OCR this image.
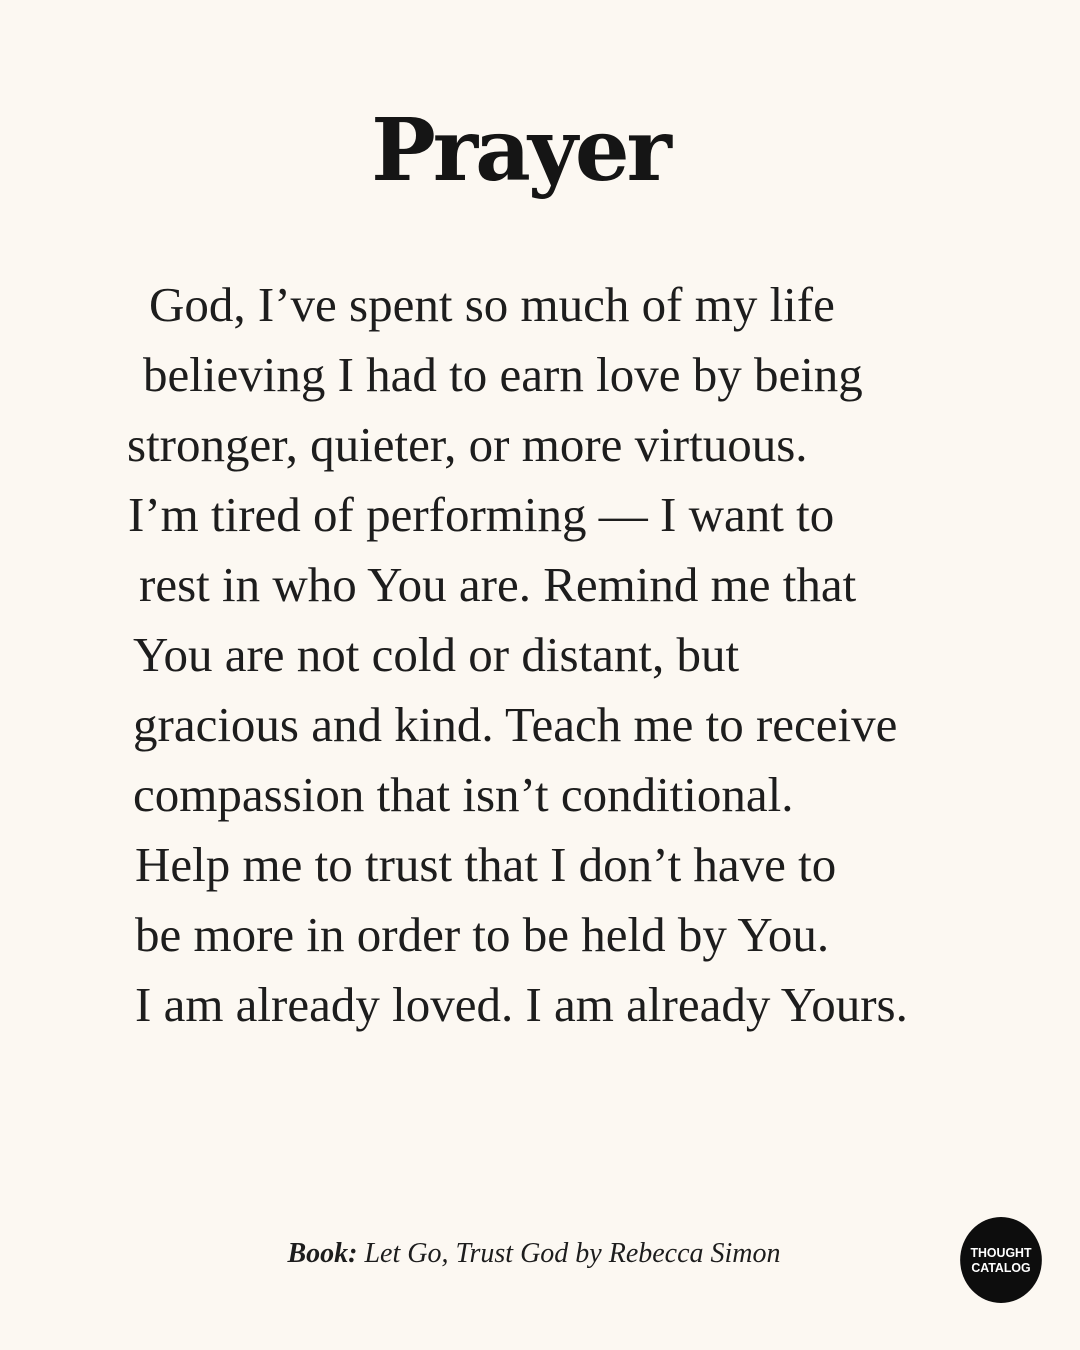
Prayer
God, I’ve spent so much of my life
believing I had to earn love by being
stronger, quieter, or more virtuous.
I’m tired of performing — I want to
rest in who You are. Remind me that
You are not cold or distant, but
gracious and kind. Teach me to receive
compassion that isn’t conditional.
Help me to trust that I don’t have to
be more in order to be held by You.
I am already loved. I am already Yours.
Book: Let Go, Trust God by Rebecca Simon	THOUGHT
CATALOG
